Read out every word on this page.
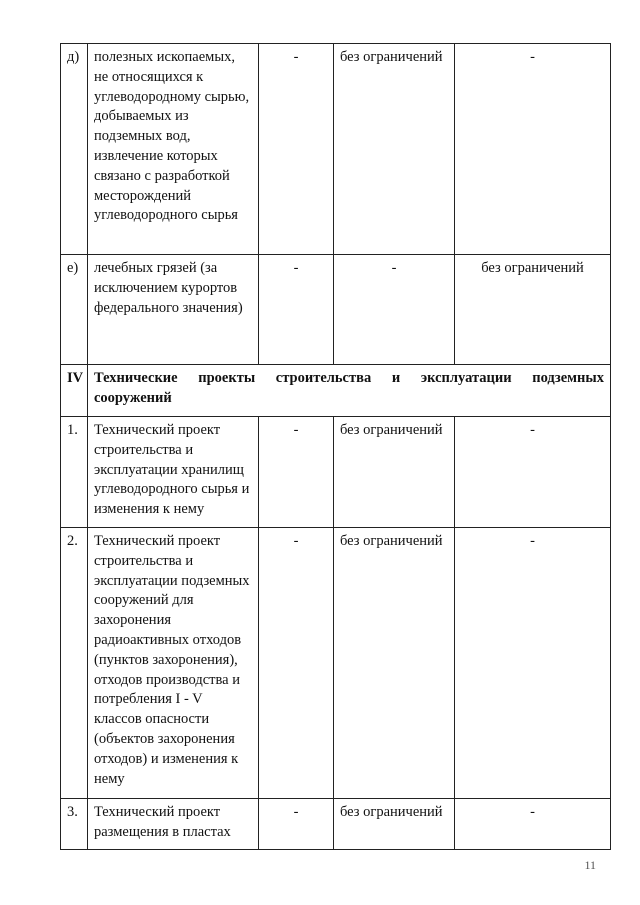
д)	полезных ископаемых, не относящихся к углеводородному сырью, добываемых из подземных вод, извлечение которых связано с разработкой месторождений углеводородного сырья	-	без ограничений	-
е)	лечебных грязей (за исключением курортов федерального значения)	-	-	без ограничений
IV	Технические проекты строительства и эксплуатации подземных
сооружений			
1.	Технический проект строительства и эксплуатации хранилищ углеводородного сырья и изменения к нему	-	без ограничений	-
2.	Технический проект строительства и эксплуатации подземных сооружений для захоронения радиоактивных отходов (пунктов захоронения), отходов производства и потребления I - V классов опасности (объектов захоронения отходов) и изменения к нему	-	без ограничений	-
3.	Технический проект размещения в пластах	-	без ограничений	-
11
